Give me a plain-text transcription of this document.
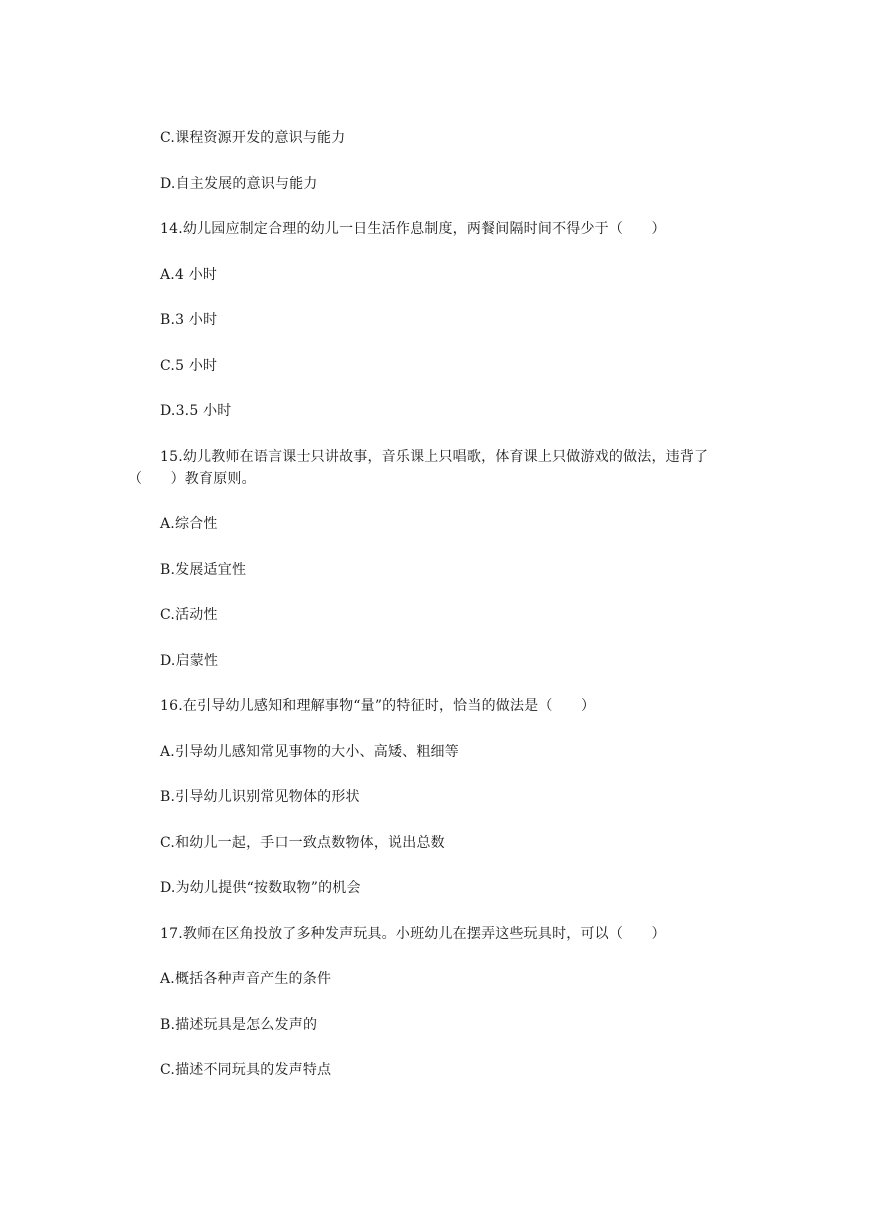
C.课程资源开发的意识与能力
D.自主发展的意识与能力
14.幼儿园应制定合理的幼儿一日生活作息制度，两餐间隔时间不得少于（　　）
A.4 小时
B.3 小时
C.5 小时
D.3.5 小时
15.幼儿教师在语言课士只讲故事，音乐课上只唱歌，体育课上只做游戏的做法，违背了（　　）教育原则。
A.综合性
B.发展适宜性
C.活动性
D.启蒙性
16.在引导幼儿感知和理解事物“量”的特征时，恰当的做法是（　　）
A.引导幼儿感知常见事物的大小、高矮、粗细等
B.引导幼儿识别常见物体的形状
C.和幼儿一起，手口一致点数物体，说出总数
D.为幼儿提供“按数取物”的机会
17.教师在区角投放了多种发声玩具。小班幼儿在摆弄这些玩具时，可以（　　）
A.概括各种声音产生的条件
B.描述玩具是怎么发声的
C.描述不同玩具的发声特点
